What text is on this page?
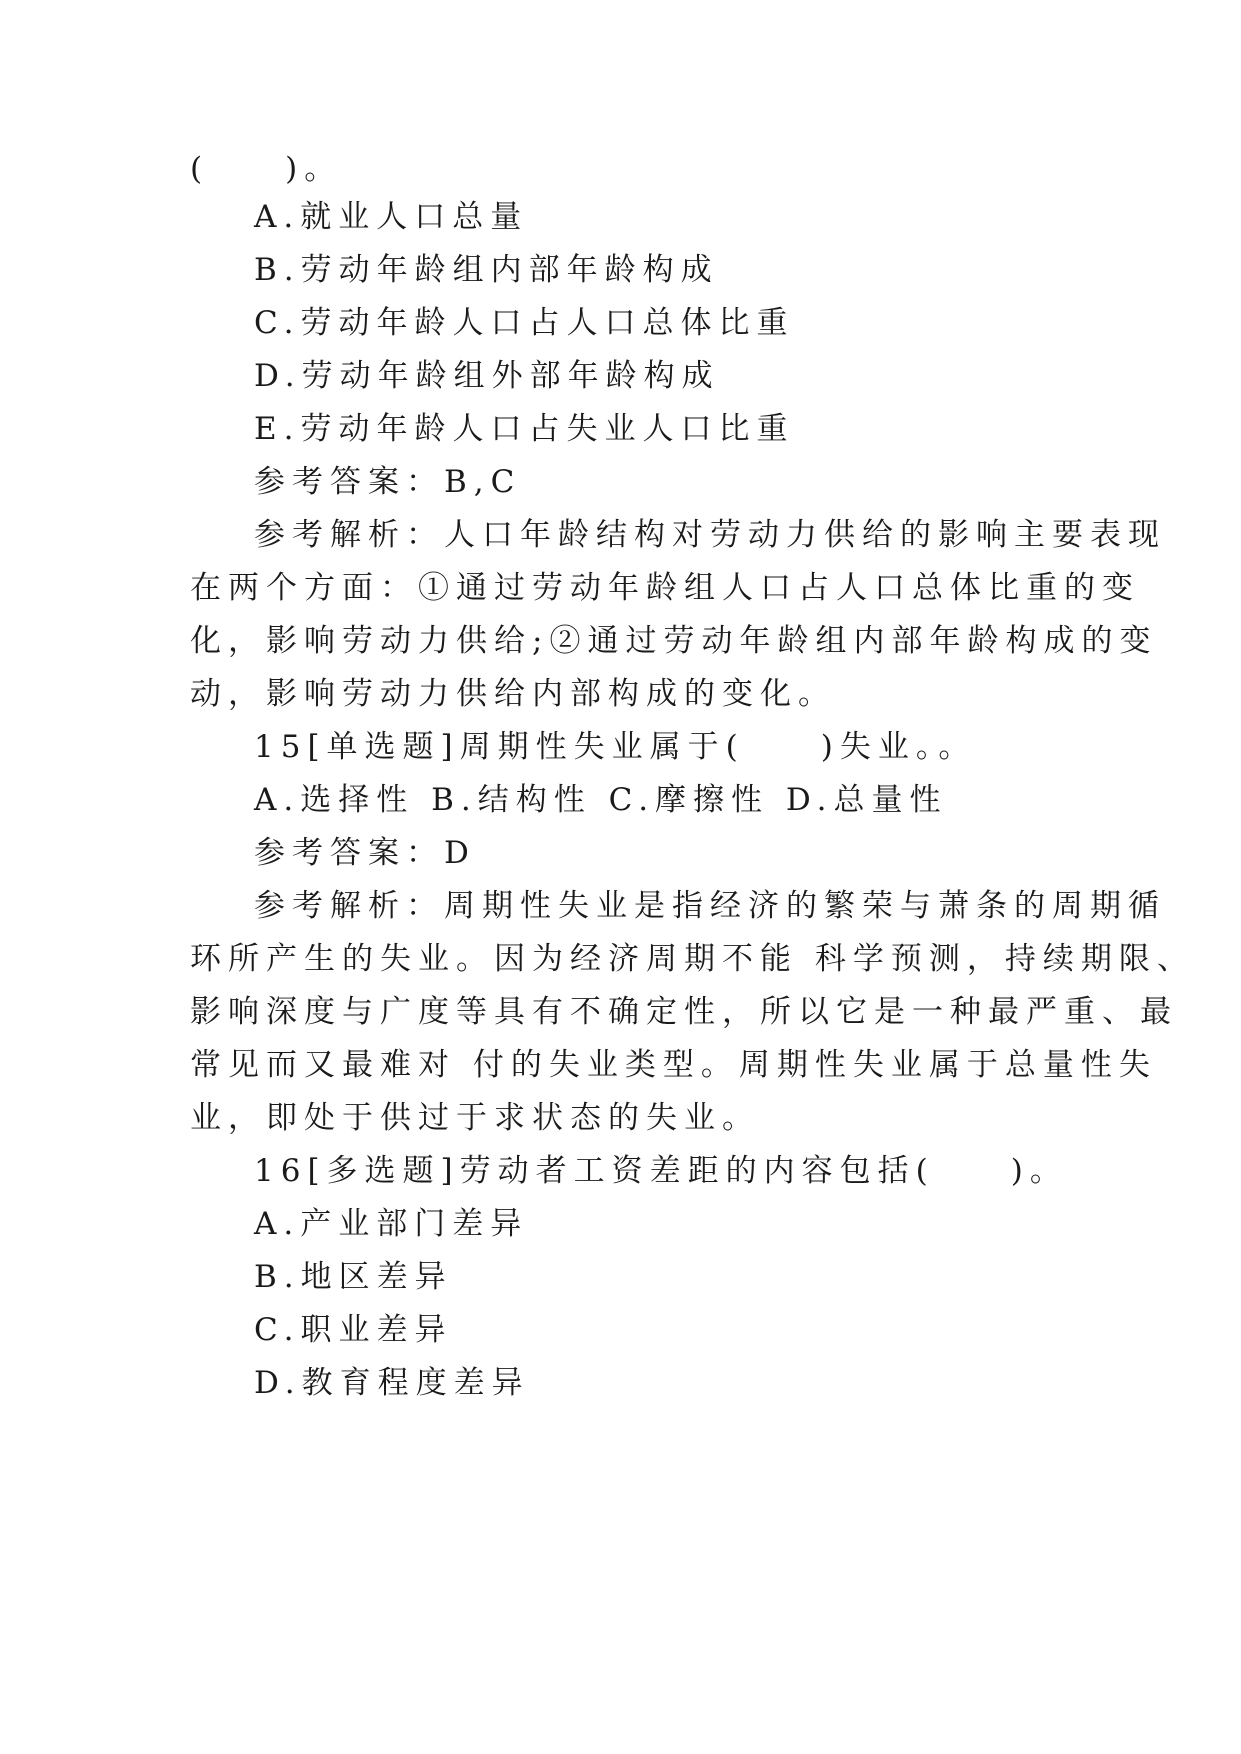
(　　)。
A.就业人口总量
B.劳动年龄组内部年龄构成
C.劳动年龄人口占人口总体比重
D.劳动年龄组外部年龄构成
E.劳动年龄人口占失业人口比重
参考答案：B,C
参考解析：人口年龄结构对劳动力供给的影响主要表现
在两个方面：①通过劳动年龄组人口占人口总体比重的变
化，影响劳动力供给;②通过劳动年龄组内部年龄构成的变
动，影响劳动力供给内部构成的变化。
15[单选题]周期性失业属于(　　)失业。。
A.选择性 B.结构性 C.摩擦性 D.总量性
参考答案：D
参考解析：周期性失业是指经济的繁荣与萧条的周期循
环所产生的失业。因为经济周期不能 科学预测，持续期限、
影响深度与广度等具有不确定性，所以它是一种最严重、最
常见而又最难对 付的失业类型。周期性失业属于总量性失
业，即处于供过于求状态的失业。
16[多选题]劳动者工资差距的内容包括(　　)。
A.产业部门差异
B.地区差异
C.职业差异
D.教育程度差异
